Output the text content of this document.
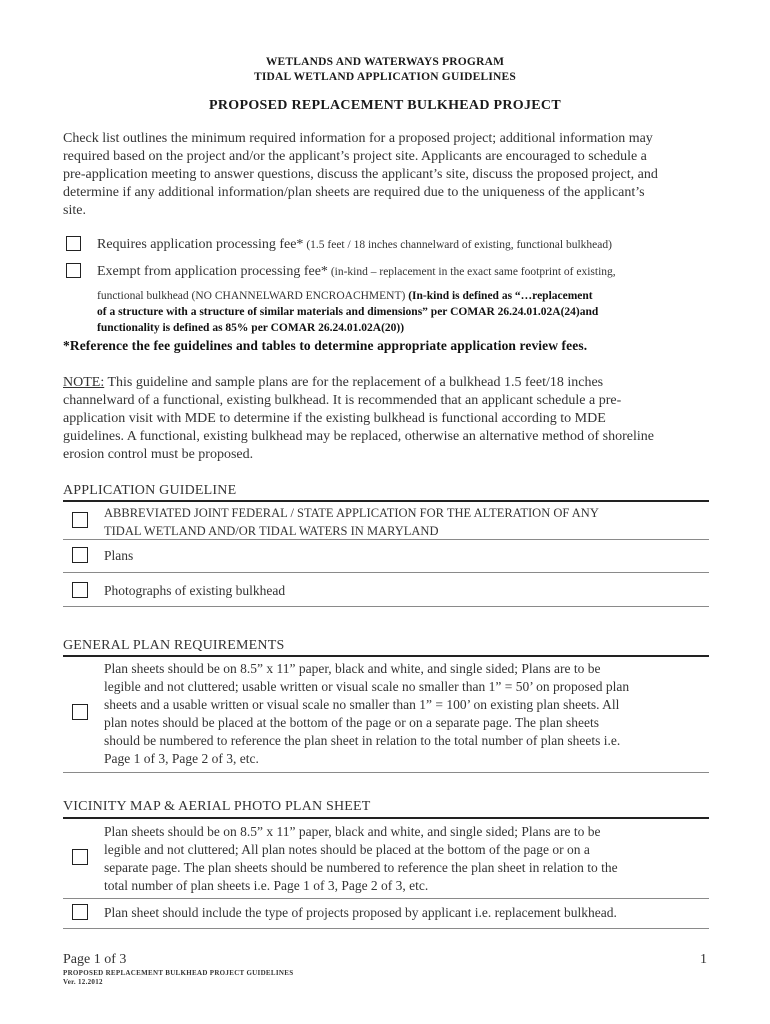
WETLANDS AND WATERWAYS PROGRAM
TIDAL WETLAND APPLICATION GUIDELINES
PROPOSED REPLACEMENT BULKHEAD PROJECT
Check list outlines the minimum required information for a proposed project; additional information may
required based on the project and/or the applicant’s project site. Applicants are encouraged to schedule a
pre-application meeting to answer questions, discuss the applicant’s site, discuss the proposed project, and
determine if any additional information/plan sheets are required due to the uniqueness of the applicant’s
site.
Requires application processing fee* (1.5 feet / 18 inches channelward of existing, functional bulkhead)
Exempt from application processing fee* (in-kind – replacement in the exact same footprint of existing,
functional bulkhead (NO CHANNELWARD ENCROACHMENT) (In-kind is defined as “…replacement
of a structure with a structure of similar materials and dimensions” per COMAR 26.24.01.02A(24)and
functionality is defined as 85% per COMAR 26.24.01.02A(20))
*Reference the fee guidelines and tables to determine appropriate application review fees.
NOTE: This guideline and sample plans are for the replacement of a bulkhead 1.5 feet/18 inches
channelward of a functional, existing bulkhead. It is recommended that an applicant schedule a pre-
application visit with MDE to determine if the existing bulkhead is functional according to MDE
guidelines. A functional, existing bulkhead may be replaced, otherwise an alternative method of shoreline
erosion control must be proposed.
APPLICATION GUIDELINE
ABBREVIATED JOINT FEDERAL / STATE APPLICATION FOR THE ALTERATION OF ANY
TIDAL WETLAND AND/OR TIDAL WATERS IN MARYLAND
Plans
Photographs of existing bulkhead
GENERAL PLAN REQUIREMENTS
Plan sheets should be on 8.5” x 11” paper, black and white, and single sided; Plans are to be
legible and not cluttered; usable written or visual scale no smaller than 1” = 50’ on proposed plan
sheets and a usable written or visual scale no smaller than 1” = 100’ on existing plan sheets. All
plan notes should be placed at the bottom of the page or on a separate page. The plan sheets
should be numbered to reference the plan sheet in relation to the total number of plan sheets i.e.
Page 1 of 3, Page 2 of 3, etc.
VICINITY MAP & AERIAL PHOTO PLAN SHEET
Plan sheets should be on 8.5” x 11” paper, black and white, and single sided; Plans are to be
legible and not cluttered; All plan notes should be placed at the bottom of the page or on a
separate page. The plan sheets should be numbered to reference the plan sheet in relation to the
total number of plan sheets i.e. Page 1 of 3, Page 2 of 3, etc.
Plan sheet should include the type of projects proposed by applicant i.e. replacement bulkhead.
Page 1 of 3	1
PROPOSED REPLACEMENT BULKHEAD PROJECT GUIDELINES
Ver. 12.2012
